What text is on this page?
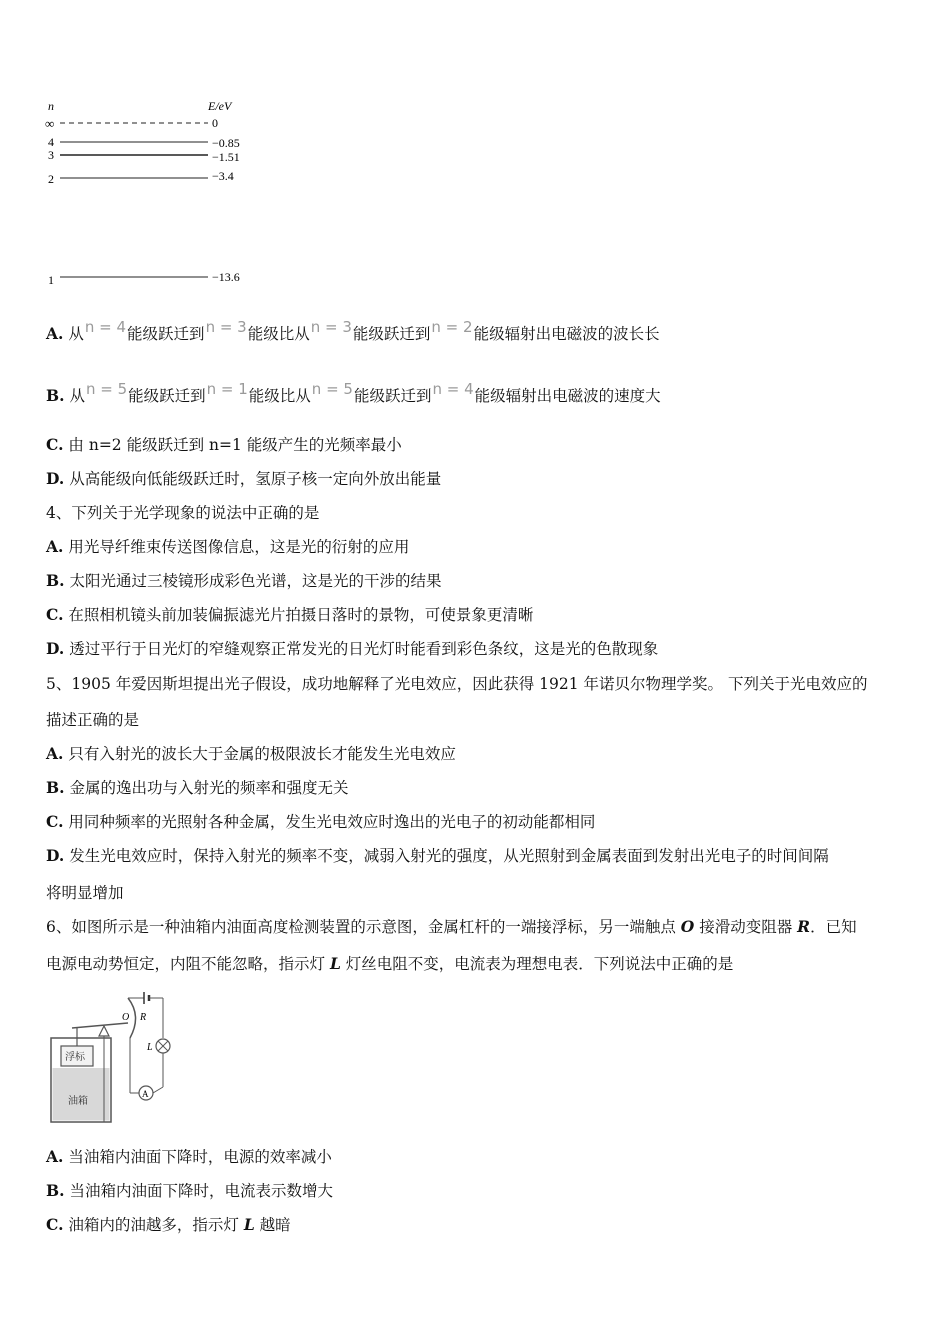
n	E/eV
∞	0
4	−0.85
3	−1.51
2	−3.4
1	−13.6
A. 从n = 4能级跃迁到n = 3能级比从n = 3能级跃迁到n = 2能级辐射出电磁波的波长长
B. 从n = 5能级跃迁到n = 1能级比从n = 5能级跃迁到n = 4能级辐射出电磁波的速度大
C. 由 n=2 能级跃迁到 n=1 能级产生的光频率最小
D. 从高能级向低能级跃迁时，氢原子核一定向外放出能量
4、下列关于光学现象的说法中正确的是
A. 用光导纤维束传送图像信息，这是光的衍射的应用
B. 太阳光通过三棱镜形成彩色光谱，这是光的干涉的结果
C. 在照相机镜头前加装偏振滤光片拍摄日落时的景物，可使景象更清晰
D. 透过平行于日光灯的窄缝观察正常发光的日光灯时能看到彩色条纹，这是光的色散现象
5、1905 年爱因斯坦提出光子假设，成功地解释了光电效应，因此获得 1921 年诺贝尔物理学奖。 下列关于光电效应的
描述正确的是
A. 只有入射光的波长大于金属的极限波长才能发生光电效应
B. 金属的逸出功与入射光的频率和强度无关
C. 用同种频率的光照射各种金属，发生光电效应时逸出的光电子的初动能都相同
D. 发生光电效应时，保持入射光的频率不变，减弱入射光的强度，从光照射到金属表面到发射出光电子的时间间隔
将明显增加
6、如图所示是一种油箱内油面高度检测装置的示意图，金属杠杆的一端接浮标，另一端触点 O 接滑动变阻器 R．已知
电源电动势恒定，内阻不能忽略，指示灯 L 灯丝电阻不变，电流表为理想电表．下列说法中正确的是
浮标
油箱
O R
L
A
A. 当油箱内油面下降时，电源的效率减小
B. 当油箱内油面下降时，电流表示数增大
C. 油箱内的油越多，指示灯 L 越暗
